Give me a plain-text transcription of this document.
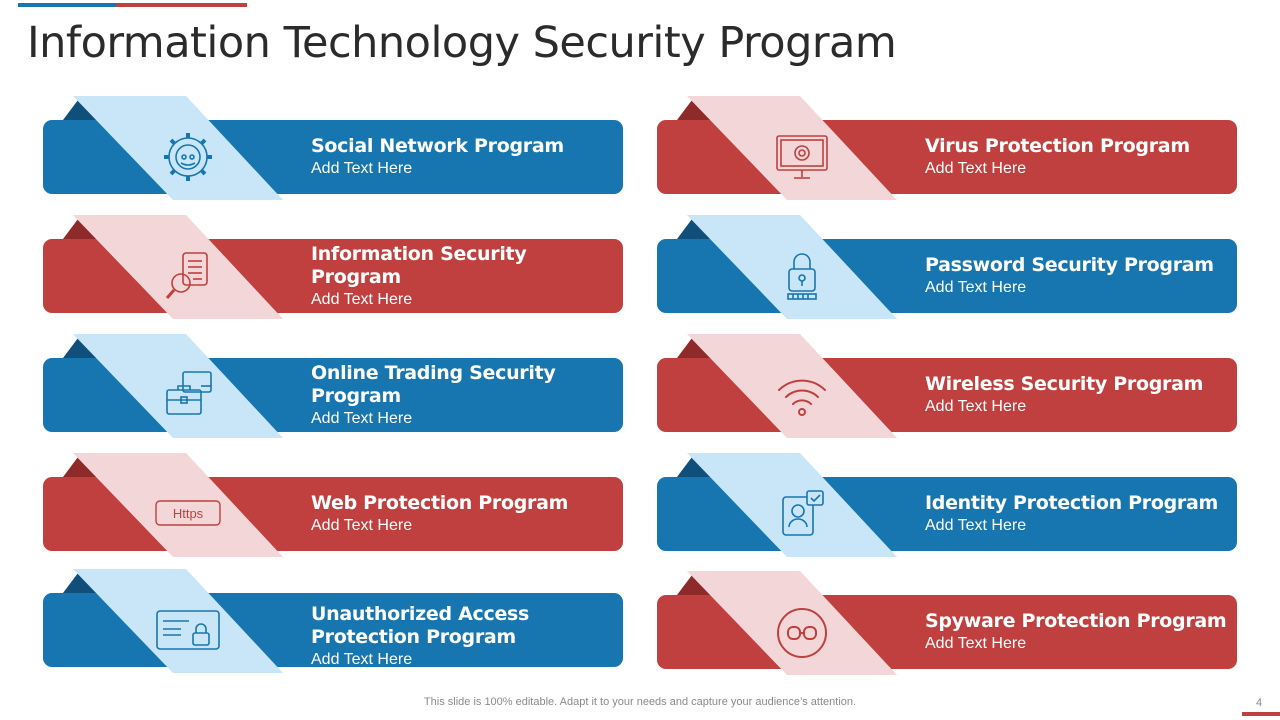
Information Technology Security Program
Social Network Program
Add Text Here
Virus Protection Program
Add Text Here
Information Security Program
Add Text Here
Password Security Program
Add Text Here
Online Trading Security Program
Add Text Here
Wireless Security Program
Add Text Here
Https	Web Protection Program
Add Text Here
Identity Protection Program
Add Text Here
Unauthorized Access
Protection Program
Add Text Here
Spyware Protection Program
Add Text Here
This slide is 100% editable. Adapt it to your needs and capture your audience’s attention.	4
